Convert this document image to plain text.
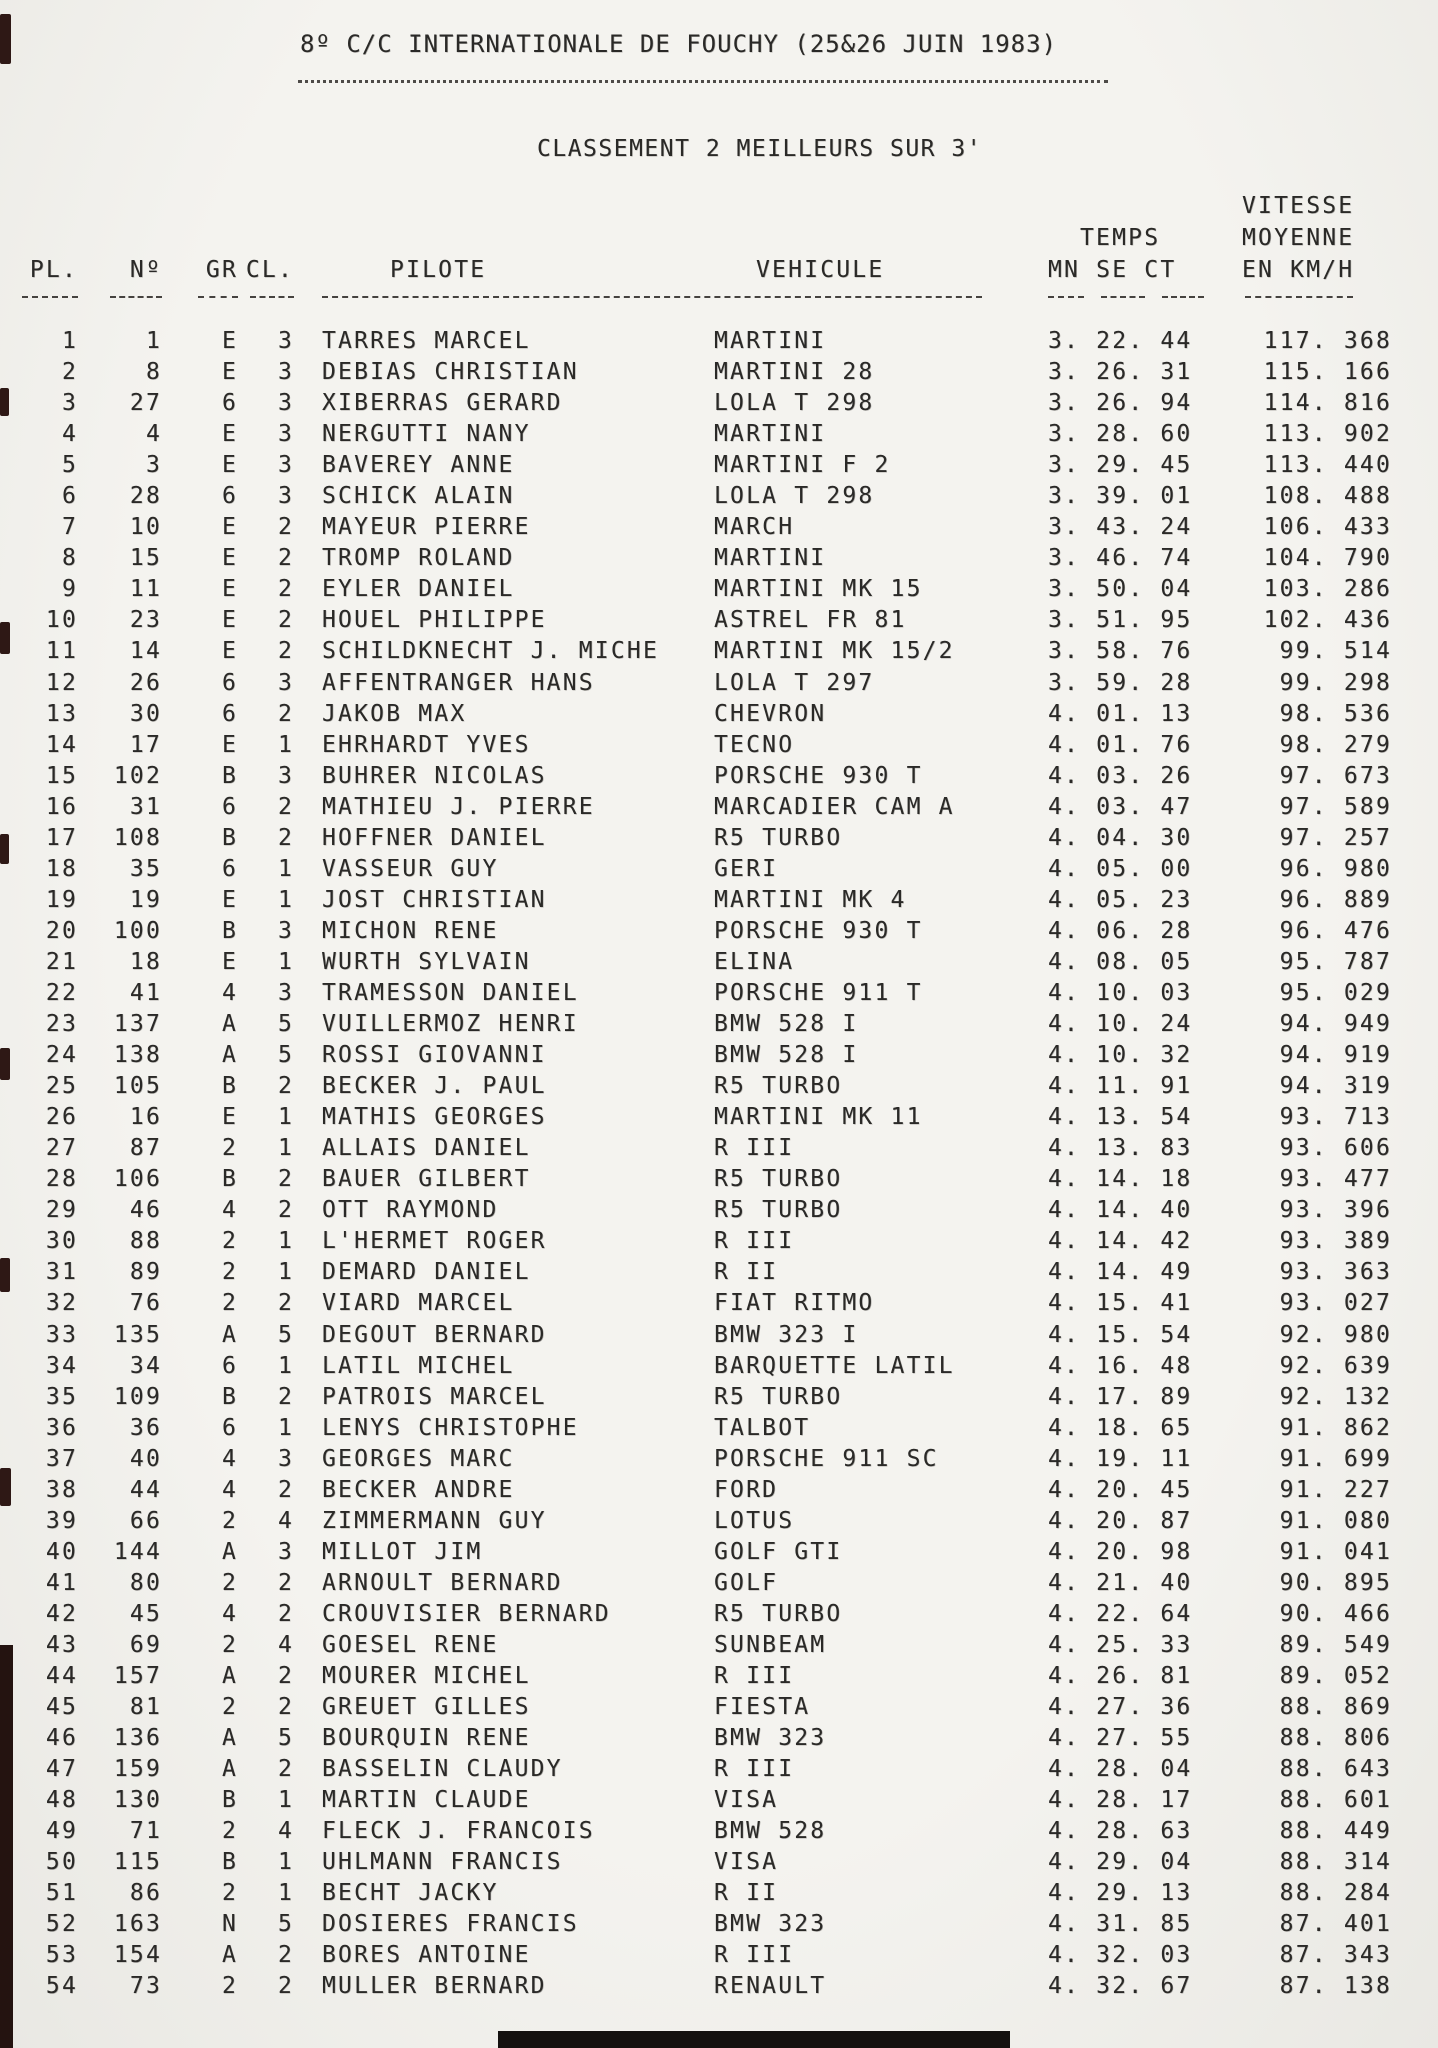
8º C/C INTERNATIONALE DE FOUCHY (25&26 JUIN 1983)
CLASSEMENT 2 MEILLEURS SUR 3'
VITESSE
TEMPS	MOYENNE
PL.	Nº	GR CL.	PILOTE	VEHICULE	MN SE CT	EN KM/H
1	1	E	3	TARRES MARCEL	MARTINI	3. 22. 44	117. 368
2	8	E	3	DEBIAS CHRISTIAN	MARTINI 28	3. 26. 31	115. 166
3	27	6	3	XIBERRAS GERARD	LOLA T 298	3. 26. 94	114. 816
4	4	E	3	NERGUTTI NANY	MARTINI	3. 28. 60	113. 902
5	3	E	3	BAVEREY ANNE	MARTINI F 2	3. 29. 45	113. 440
6	28	6	3	SCHICK ALAIN	LOLA T 298	3. 39. 01	108. 488
7	10	E	2	MAYEUR PIERRE	MARCH	3. 43. 24	106. 433
8	15	E	2	TROMP ROLAND	MARTINI	3. 46. 74	104. 790
9	11	E	2	EYLER DANIEL	MARTINI MK 15	3. 50. 04	103. 286
10	23	E	2	HOUEL PHILIPPE	ASTREL FR 81	3. 51. 95	102. 436
11	14	E	2	SCHILDKNECHT J. MICHE	MARTINI MK 15/2	3. 58. 76	99. 514
12	26	6	3	AFFENTRANGER HANS	LOLA T 297	3. 59. 28	99. 298
13	30	6	2	JAKOB MAX	CHEVRON	4. 01. 13	98. 536
14	17	E	1	EHRHARDT YVES	TECNO	4. 01. 76	98. 279
15	102	B	3	BUHRER NICOLAS	PORSCHE 930 T	4. 03. 26	97. 673
16	31	6	2	MATHIEU J. PIERRE	MARCADIER CAM A	4. 03. 47	97. 589
17	108	B	2	HOFFNER DANIEL	R5 TURBO	4. 04. 30	97. 257
18	35	6	1	VASSEUR GUY	GERI	4. 05. 00	96. 980
19	19	E	1	JOST CHRISTIAN	MARTINI MK 4	4. 05. 23	96. 889
20	100	B	3	MICHON RENE	PORSCHE 930 T	4. 06. 28	96. 476
21	18	E	1	WURTH SYLVAIN	ELINA	4. 08. 05	95. 787
22	41	4	3	TRAMESSON DANIEL	PORSCHE 911 T	4. 10. 03	95. 029
23	137	A	5	VUILLERMOZ HENRI	BMW 528 I	4. 10. 24	94. 949
24	138	A	5	ROSSI GIOVANNI	BMW 528 I	4. 10. 32	94. 919
25	105	B	2	BECKER J. PAUL	R5 TURBO	4. 11. 91	94. 319
26	16	E	1	MATHIS GEORGES	MARTINI MK 11	4. 13. 54	93. 713
27	87	2	1	ALLAIS DANIEL	R III	4. 13. 83	93. 606
28	106	B	2	BAUER GILBERT	R5 TURBO	4. 14. 18	93. 477
29	46	4	2	OTT RAYMOND	R5 TURBO	4. 14. 40	93. 396
30	88	2	1	L'HERMET ROGER	R III	4. 14. 42	93. 389
31	89	2	1	DEMARD DANIEL	R II	4. 14. 49	93. 363
32	76	2	2	VIARD MARCEL	FIAT RITMO	4. 15. 41	93. 027
33	135	A	5	DEGOUT BERNARD	BMW 323 I	4. 15. 54	92. 980
34	34	6	1	LATIL MICHEL	BARQUETTE LATIL	4. 16. 48	92. 639
35	109	B	2	PATROIS MARCEL	R5 TURBO	4. 17. 89	92. 132
36	36	6	1	LENYS CHRISTOPHE	TALBOT	4. 18. 65	91. 862
37	40	4	3	GEORGES MARC	PORSCHE 911 SC	4. 19. 11	91. 699
38	44	4	2	BECKER ANDRE	FORD	4. 20. 45	91. 227
39	66	2	4	ZIMMERMANN GUY	LOTUS	4. 20. 87	91. 080
40	144	A	3	MILLOT JIM	GOLF GTI	4. 20. 98	91. 041
41	80	2	2	ARNOULT BERNARD	GOLF	4. 21. 40	90. 895
42	45	4	2	CROUVISIER BERNARD	R5 TURBO	4. 22. 64	90. 466
43	69	2	4	GOESEL RENE	SUNBEAM	4. 25. 33	89. 549
44	157	A	2	MOURER MICHEL	R III	4. 26. 81	89. 052
45	81	2	2	GREUET GILLES	FIESTA	4. 27. 36	88. 869
46	136	A	5	BOURQUIN RENE	BMW 323	4. 27. 55	88. 806
47	159	A	2	BASSELIN CLAUDY	R III	4. 28. 04	88. 643
48	130	B	1	MARTIN CLAUDE	VISA	4. 28. 17	88. 601
49	71	2	4	FLECK J. FRANCOIS	BMW 528	4. 28. 63	88. 449
50	115	B	1	UHLMANN FRANCIS	VISA	4. 29. 04	88. 314
51	86	2	1	BECHT JACKY	R II	4. 29. 13	88. 284
52	163	N	5	DOSIERES FRANCIS	BMW 323	4. 31. 85	87. 401
53	154	A	2	BORES ANTOINE	R III	4. 32. 03	87. 343
54	73	2	2	MULLER BERNARD	RENAULT	4. 32. 67	87. 138
